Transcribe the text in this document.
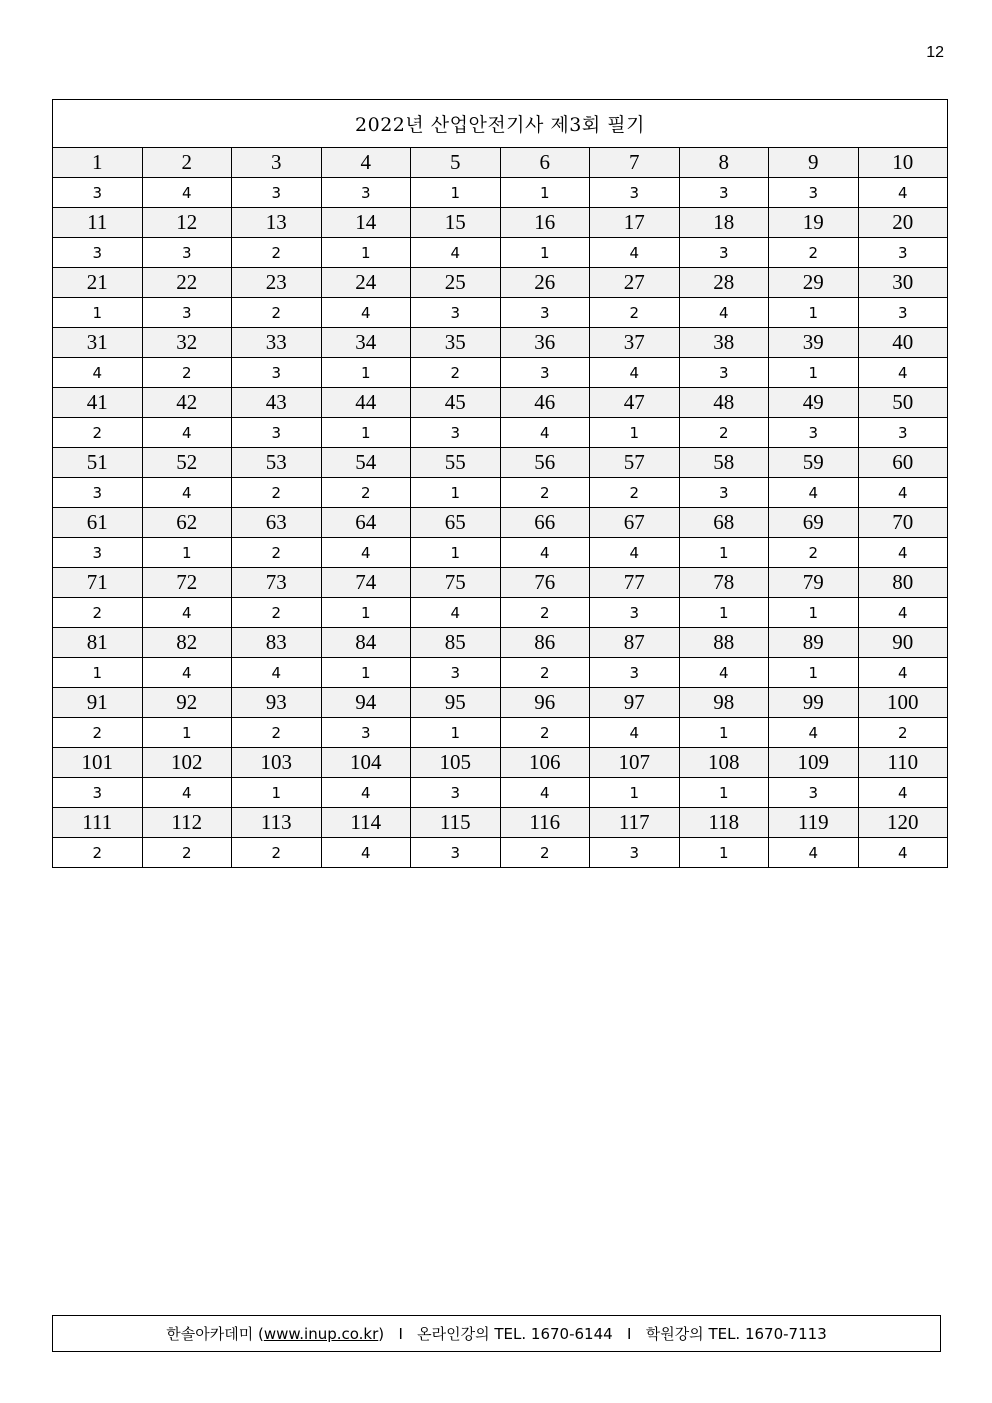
12
2022년 산업안전기사 제3회 필기									
1	2	3	4	5	6	7	8	9	10
3	4	3	3	1	1	3	3	3	4
11	12	13	14	15	16	17	18	19	20
3	3	2	1	4	1	4	3	2	3
21	22	23	24	25	26	27	28	29	30
1	3	2	4	3	3	2	4	1	3
31	32	33	34	35	36	37	38	39	40
4	2	3	1	2	3	4	3	1	4
41	42	43	44	45	46	47	48	49	50
2	4	3	1	3	4	1	2	3	3
51	52	53	54	55	56	57	58	59	60
3	4	2	2	1	2	2	3	4	4
61	62	63	64	65	66	67	68	69	70
3	1	2	4	1	4	4	1	2	4
71	72	73	74	75	76	77	78	79	80
2	4	2	1	4	2	3	1	1	4
81	82	83	84	85	86	87	88	89	90
1	4	4	1	3	2	3	4	1	4
91	92	93	94	95	96	97	98	99	100
2	1	2	3	1	2	4	1	4	2
101	102	103	104	105	106	107	108	109	110
3	4	1	4	3	4	1	1	3	4
111	112	113	114	115	116	117	118	119	120
2	2	2	4	3	2	3	1	4	4
한솔아카데미 ( www.inup.co.kr )   I   온라인강의 TEL. 1670-6144   I   학원강의 TEL. 1670-7113
